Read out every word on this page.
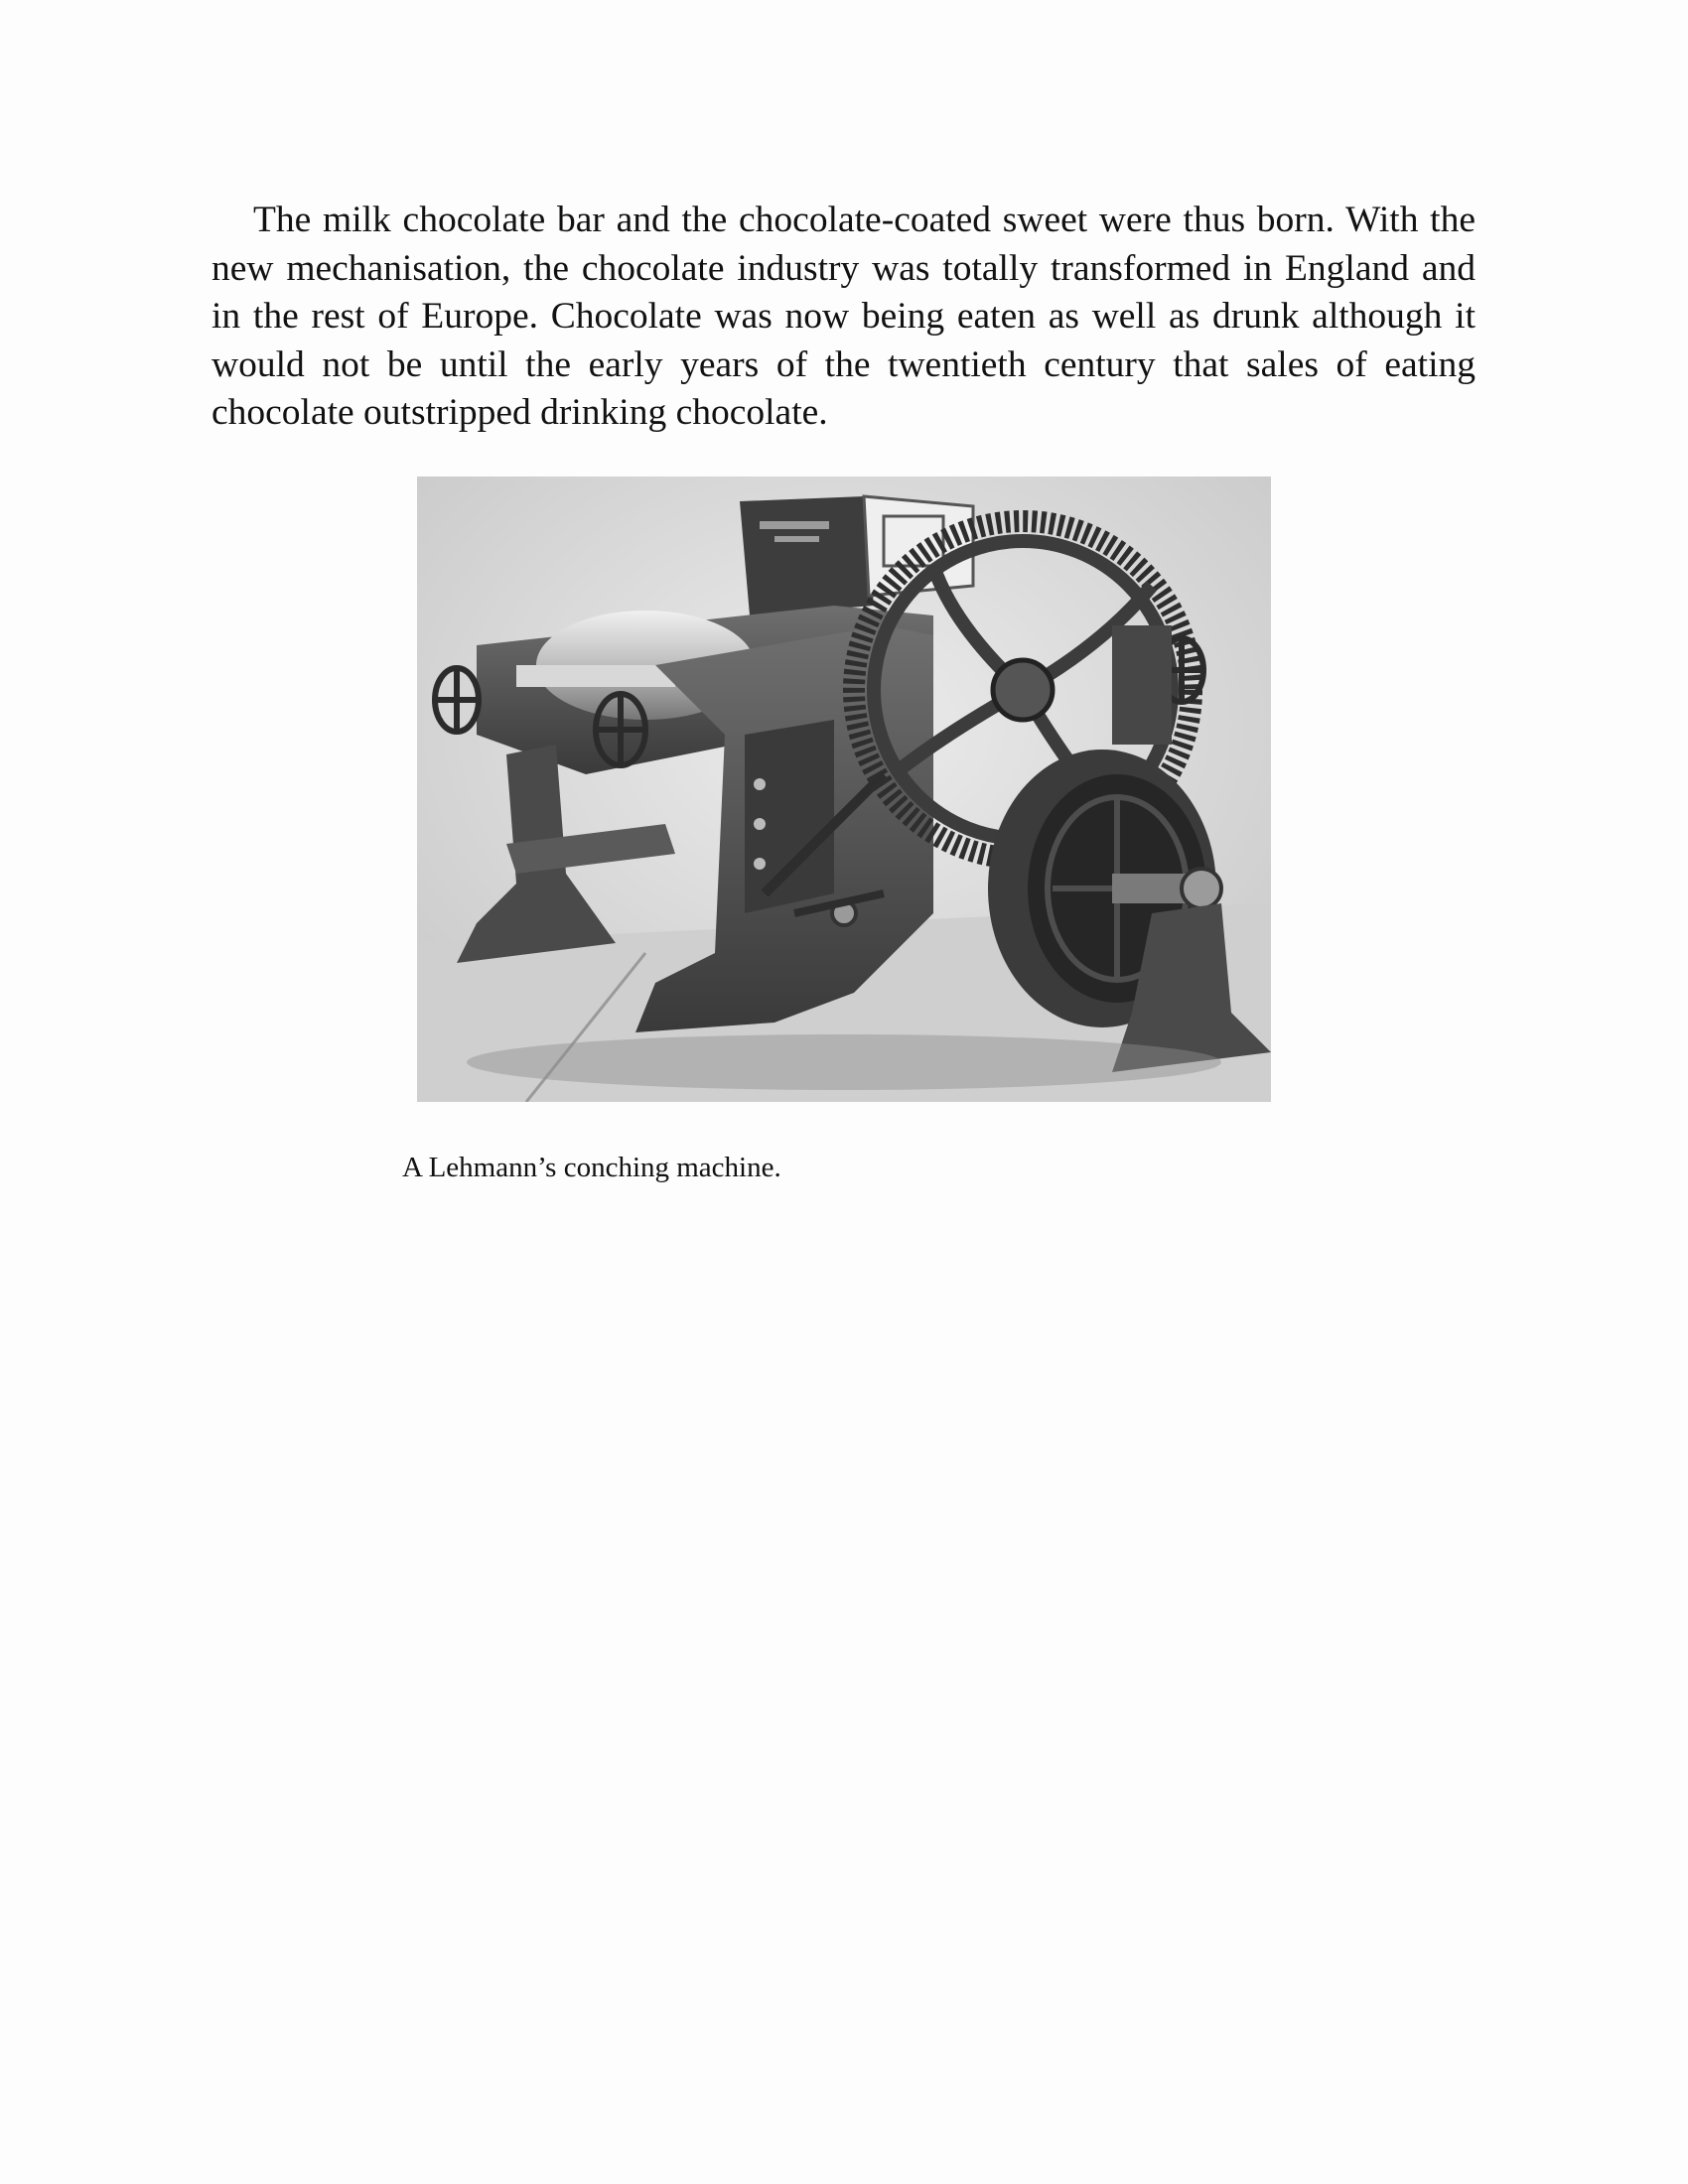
The milk chocolate bar and the chocolate-coated sweet were thus born. With the new mechanisation, the chocolate industry was totally transformed in England and in the rest of Europe. Chocolate was now being eaten as well as drunk although it would not be until the early years of the twentieth century that sales of eating chocolate outstripped drinking chocolate.

A Lehmann’s conching machine.
